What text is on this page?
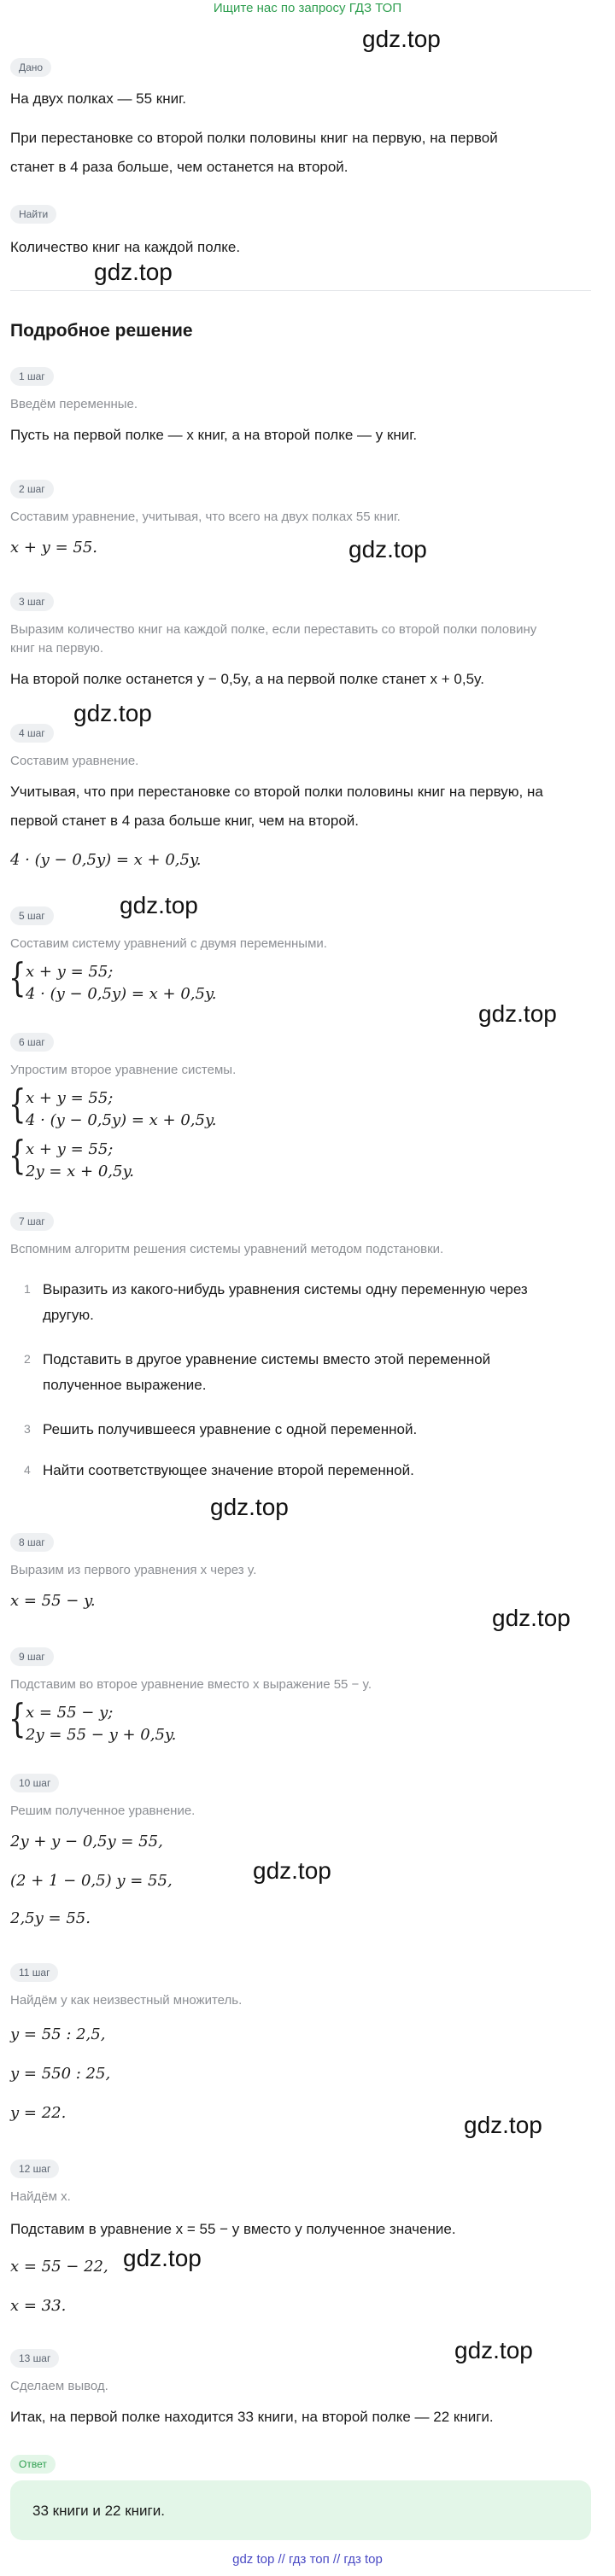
Ищите нас по запросу ГДЗ ТОП
gdz.top
gdz.top
gdz.top
gdz.top
gdz.top
gdz.top
gdz.top
gdz.top
gdz.top
gdz.top
gdz.top
gdz.top
Дано
На двух полках — 55 книг.
При перестановке со второй полки половины книг на первую, на первой
станет в 4 раза больше, чем останется на второй.
Найти
Количество книг на каждой полке.
Подробное решение
1 шаг
Введём переменные.
Пусть на первой полке — x книг, а на второй полке — y книг.
2 шаг
Составим уравнение, учитывая, что всего на двух полках 55 книг.
x + y = 55.
3 шаг
Выразим количество книг на каждой полке, если переставить со второй полки половину
книг на первую.
На второй полке останется y − 0,5y, а на первой полке станет x + 0,5y.
4 шаг
Составим уравнение.
Учитывая, что при перестановке со второй полки половины книг на первую, на
первой станет в 4 раза больше книг, чем на второй.
4 · (y − 0,5y) = x + 0,5y.
5 шаг
Составим систему уравнений с двумя переменными.
{ x + y = 55;
4 · (y − 0,5y) = x + 0,5y.
6 шаг
Упростим второе уравнение системы.
{ x + y = 55;
4 · (y − 0,5y) = x + 0,5y.
{ x + y = 55;
2y = x + 0,5y.
7 шаг
Вспомним алгоритм решения системы уравнений методом подстановки.
1 Выразить из какого-нибудь уравнения системы одну переменную через
другую.
2 Подставить в другое уравнение системы вместо этой переменной
полученное выражение.
3 Решить получившееся уравнение с одной переменной.
4 Найти соответствующее значение второй переменной.
8 шаг
Выразим из первого уравнения x через y.
x = 55 − y.
9 шаг
Подставим во второе уравнение вместо x выражение 55 − y.
{ x = 55 − y;
2y = 55 − y + 0,5y.
10 шаг
Решим полученное уравнение.
2y + y − 0,5y = 55,
(2 + 1 − 0,5) y = 55,
2,5y = 55.
11 шаг
Найдём y как неизвестный множитель.
y = 55 : 2,5,
y = 550 : 25,
y = 22.
12 шаг
Найдём x.
Подставим в уравнение x = 55 − y вместо y полученное значение.
x = 55 − 22,
x = 33.
13 шаг
Сделаем вывод.
Итак, на первой полке находится 33 книги, на второй полке — 22 книги.
Ответ
33 книги и 22 книги.
gdz top // гдз топ // гдз top
